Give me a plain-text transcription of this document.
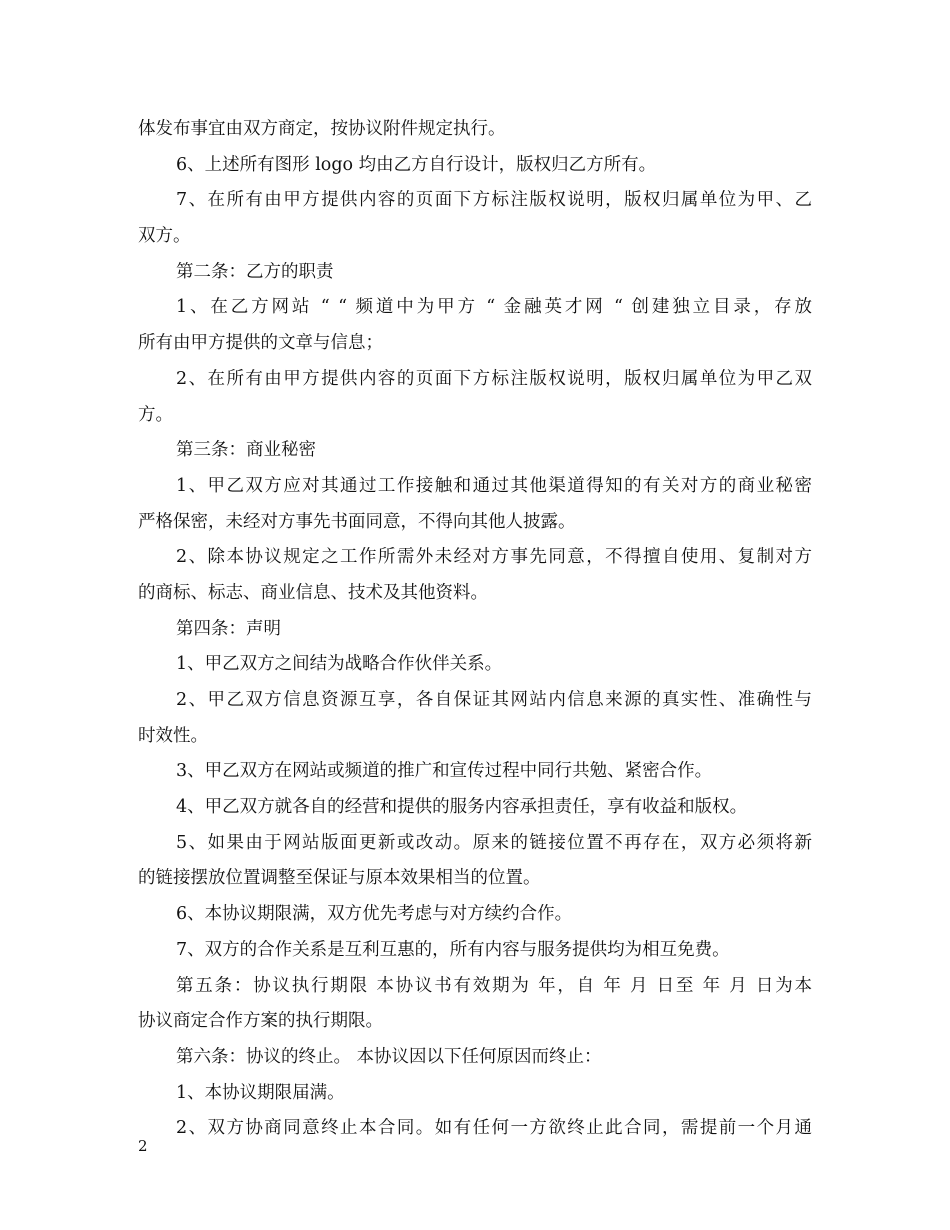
体发布事宜由双方商定，按协议附件规定执行。
6、上述所有图形 logo 均由乙方自行设计，版权归乙方所有。
7、在所有由甲方提供内容的页面下方标注版权说明，版权归属单位为甲、乙
双方。
第二条：乙方的职责
1、在乙方网站 “ “ 频道中为甲方 “ 金融英才网 “ 创建独立目录，存放
所有由甲方提供的文章与信息；
2、在所有由甲方提供内容的页面下方标注版权说明，版权归属单位为甲乙双
方。
第三条：商业秘密
1、甲乙双方应对其通过工作接触和通过其他渠道得知的有关对方的商业秘密
严格保密，未经对方事先书面同意，不得向其他人披露。
2、除本协议规定之工作所需外未经对方事先同意，不得擅自使用、复制对方
的商标、标志、商业信息、技术及其他资料。
第四条：声明
1、甲乙双方之间结为战略合作伙伴关系。
2、甲乙双方信息资源互享，各自保证其网站内信息来源的真实性、准确性与
时效性。
3、甲乙双方在网站或频道的推广和宣传过程中同行共勉、紧密合作。
4、甲乙双方就各自的经营和提供的服务内容承担责任，享有收益和版权。
5、如果由于网站版面更新或改动。原来的链接位置不再存在，双方必须将新
的链接摆放位置调整至保证与原本效果相当的位置。
6、本协议期限满，双方优先考虑与对方续约合作。
7、双方的合作关系是互利互惠的，所有内容与服务提供均为相互免费。
第五条：协议执行期限 本协议书有效期为 年，自 年 月 日至 年 月 日为本
协议商定合作方案的执行期限。
第六条：协议的终止。 本协议因以下任何原因而终止：
1、本协议期限届满。
2、双方协商同意终止本合同。如有任何一方欲终止此合同，需提前一个月通
2
